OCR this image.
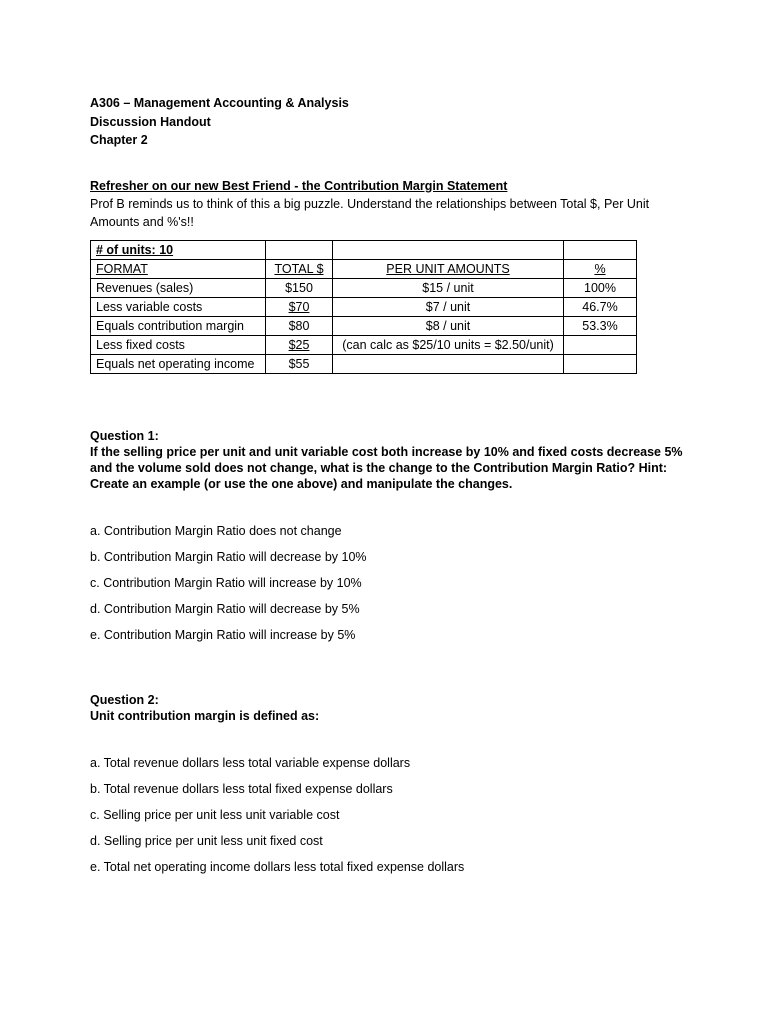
A306 – Management Accounting & Analysis
Discussion Handout
Chapter 2
Refresher on our new Best Friend - the Contribution Margin Statement
Prof B reminds us to think of this a big puzzle. Understand the relationships between Total $, Per Unit Amounts and %'s!!
# of units: 10			
FORMAT	TOTAL $	PER UNIT AMOUNTS	%
Revenues (sales)	$150	$15 / unit	100%
Less variable costs	$70	$7 / unit	46.7%
Equals contribution margin	$80	$8 / unit	53.3%
Less fixed costs	$25	(can calc as $25/10 units = $2.50/unit)	
Equals net operating income	$55		
Question 1:
If the selling price per unit and unit variable cost both increase by 10% and fixed costs decrease 5% and the volume sold does not change, what is the change to the Contribution Margin Ratio? Hint: Create an example (or use the one above) and manipulate the changes.
a. Contribution Margin Ratio does not change
b. Contribution Margin Ratio will decrease by 10%
c. Contribution Margin Ratio will increase by 10%
d. Contribution Margin Ratio will decrease by 5%
e. Contribution Margin Ratio will increase by 5%
Question 2:
Unit contribution margin is defined as:
a. Total revenue dollars less total variable expense dollars
b. Total revenue dollars less total fixed expense dollars
c. Selling price per unit less unit variable cost
d. Selling price per unit less unit fixed cost
e. Total net operating income dollars less total fixed expense dollars
